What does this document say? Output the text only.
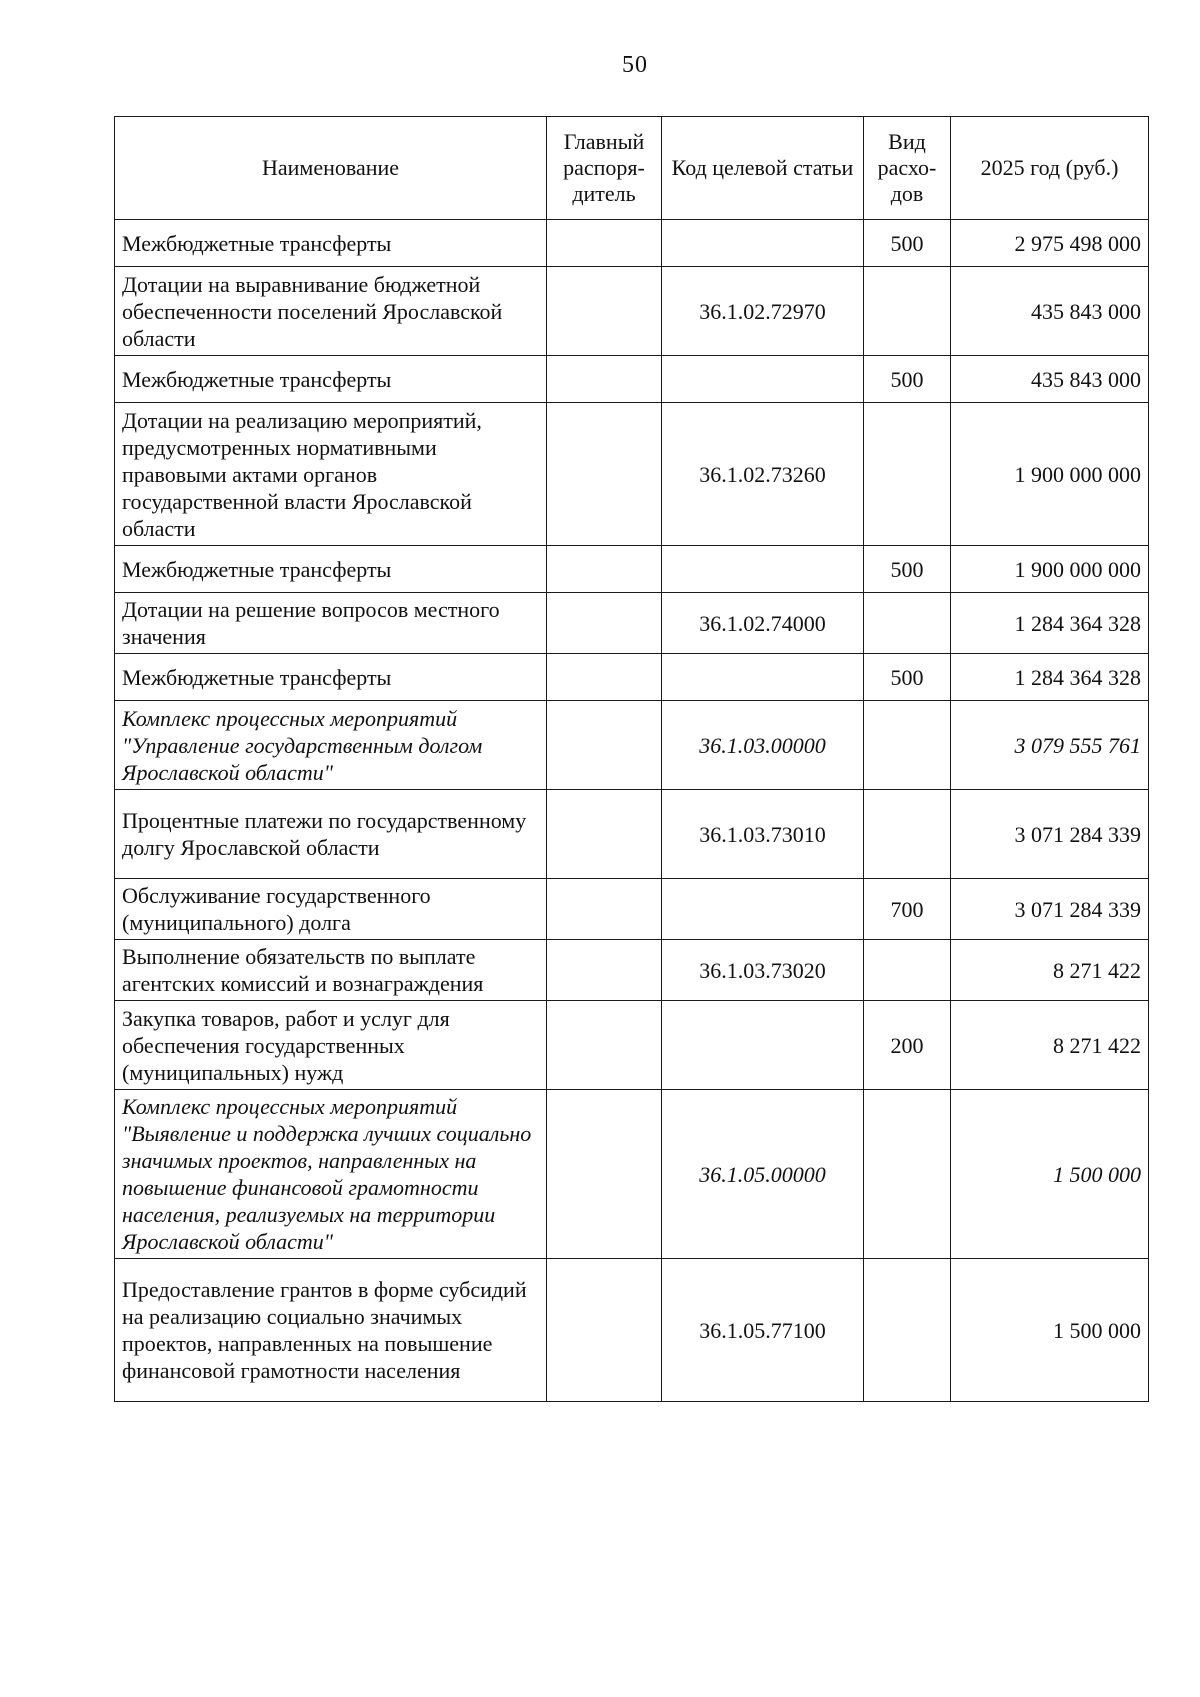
50
Наименование	Главный распоря-дитель	Код целевой статьи	Вид расхо-дов	2025 год (руб.)
Межбюджетные трансферты			500	2 975 498 000
Дотации на выравнивание бюджетной обеспеченности поселений Ярославской области		36.1.02.72970		435 843 000
Межбюджетные трансферты			500	435 843 000
Дотации на реализацию мероприятий, предусмотренных нормативными правовыми актами органов государственной власти Ярославской области		36.1.02.73260		1 900 000 000
Межбюджетные трансферты			500	1 900 000 000
Дотации на решение вопросов местного значения		36.1.02.74000		1 284 364 328
Межбюджетные трансферты			500	1 284 364 328
Комплекс процессных мероприятий "Управление государственным долгом Ярославской области"		36.1.03.00000		3 079 555 761
Процентные платежи по государственному долгу Ярославской области		36.1.03.73010		3 071 284 339
Обслуживание государственного (муниципального) долга			700	3 071 284 339
Выполнение обязательств по выплате агентских комиссий и вознаграждения		36.1.03.73020		8 271 422
Закупка товаров, работ и услуг для обеспечения государственных (муниципальных) нужд			200	8 271 422
Комплекс процессных мероприятий "Выявление и поддержка лучших социально значимых проектов, направленных на повышение финансовой грамотности населения, реализуемых на территории Ярославской области"		36.1.05.00000		1 500 000
Предоставление грантов в форме субсидий на реализацию социально значимых проектов, направленных на повышение финансовой грамотности населения		36.1.05.77100		1 500 000
